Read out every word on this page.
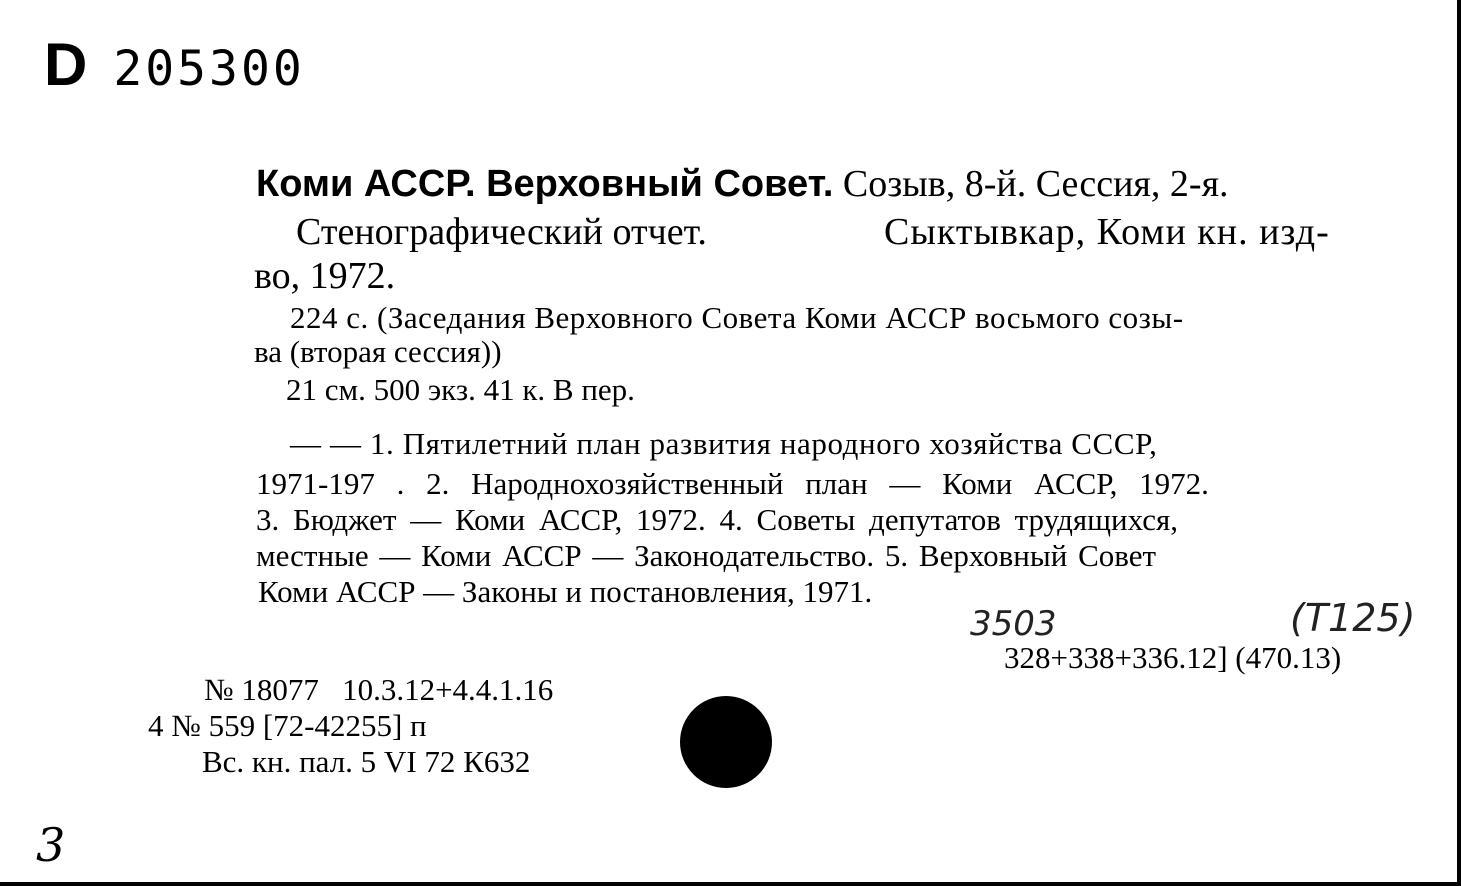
D 205300
Коми АССР. Верховный Совет. Созыв, 8-й. Сессия, 2-я.
Стенографический отчет.	Сыктывкар, Коми кн. изд-
во, 1972.
224 с. (Заседания Верховного Совета Коми АССР восьмого созы-
ва (вторая сессия))
21 см. 500 экз. 41 к. В пер.
— — 1. Пятилетний план развития народного хозяйства СССР,
1971-197 . 2. Народнохозяйственный план — Коми АССР, 1972.
3. Бюджет — Коми АССР, 1972. 4. Советы депутатов трудящихся,
местные — Коми АССР — Законодательство. 5. Верховный Совет
Коми АССР — Законы и постановления, 1971.
3503	(Т125)
328+338+336.12] (470.13)
№ 18077   10.3.12+4.4.1.16
4 № 559 [72-42255] п
Вс. кн. пал. 5 VI 72 К632
3
